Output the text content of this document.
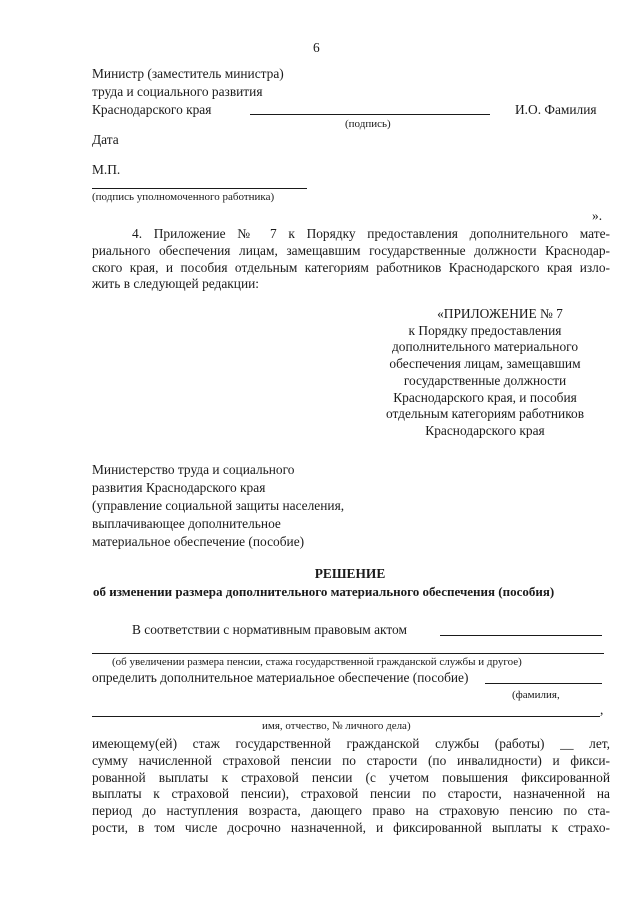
6
Министр (заместитель министра)
труда и социального развития
Краснодарского края	И.О. Фамилия
(подпись)
Дата
М.П.
(подпись уполномоченного работника)
».
4. Приложение № 7 к Порядку предоставления дополнительного мате-
риального обеспечения лицам, замещавшим государственные должности Краснодар-
ского края, и пособия отдельным категориям работников Краснодарского края изло-
жить в следующей редакции:
«ПРИЛОЖЕНИЕ № 7
к Порядку предоставления
дополнительного материального
обеспечения лицам, замещавшим
государственные должности
Краснодарского края, и пособия
отдельным категориям работников
Краснодарского края
Министерство труда и социального
развития Краснодарского края
(управление социальной защиты населения,
выплачивающее дополнительное
материальное обеспечение (пособие)
РЕШЕНИЕ
об изменении размера дополнительного материального обеспечения (пособия)
В соответствии с нормативным правовым актом
(об увеличении размера пенсии, стажа государственной гражданской службы и другое)
определить дополнительное материальное обеспечение (пособие)
(фамилия,
,
имя, отчество, № личного дела)
имеющему(ей) стаж государственной гражданской службы (работы) __ лет,
сумму начисленной страховой пенсии по старости (по инвалидности) и фикси-
рованной выплаты к страховой пенсии (с учетом повышения фиксированной
выплаты к страховой пенсии), страховой пенсии по старости, назначенной на
период до наступления возраста, дающего право на страховую пенсию по ста-
рости, в том числе досрочно назначенной, и фиксированной выплаты к страхо-
